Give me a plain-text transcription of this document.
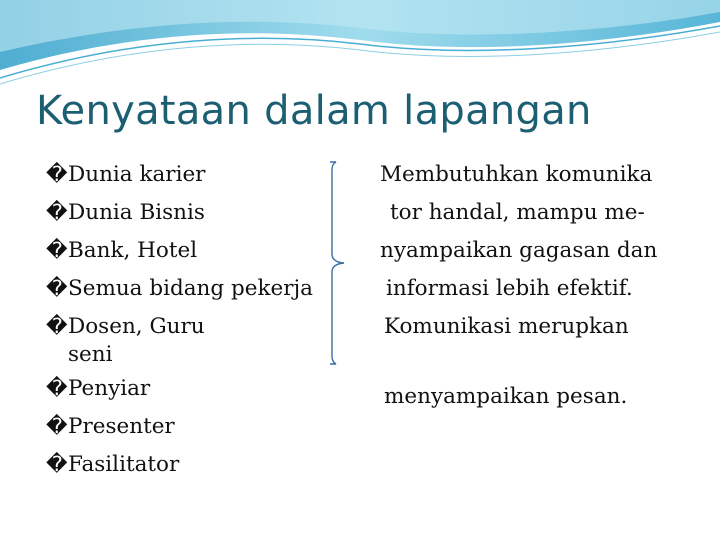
Kenyataan dalam lapangan
� Dunia karier
� Dunia Bisnis
� Bank, Hotel
� Semua bidang pekerja
� Dosen, Guru
seni
� Penyiar
� Presenter
� Fasilitator
Membutuhkan komunika
tor handal, mampu me-
nyampaikan gagasan dan
informasi lebih efektif.
Komunikasi merupkan
menyampaikan pesan.
